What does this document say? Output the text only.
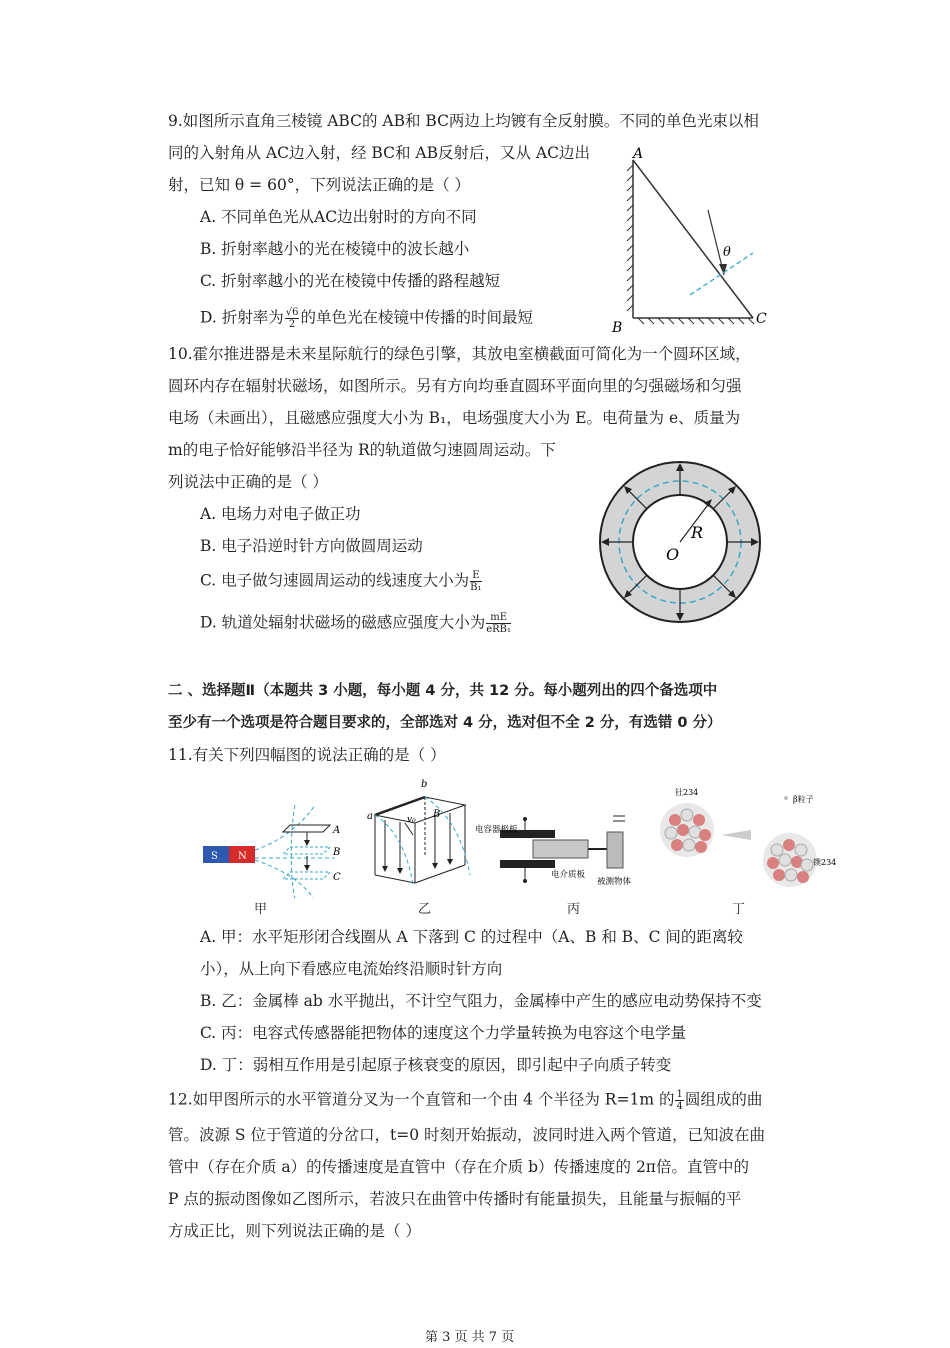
9.如图所示直角三棱镜 ABC的 AB和 BC两边上均镀有全反射膜。不同的单色光束以相
同的入射角从 AC边入射，经 BC和 AB反射后，又从 AC边出
射，已知 θ = 60°，下列说法正确的是（ ）
A. 不同单色光从AC边出射时的方向不同
B. 折射率越小的光在棱镜中的波长越小
C. 折射率越小的光在棱镜中传播的路程越短
D. 折射率为 $\frac{√6}{2}$ 的单色光在棱镜中传播的时间最短
A
B
C
θ
10.霍尔推进器是未来星际航行的绿色引擎，其放电室横截面可简化为一个圆环区域，
圆环内存在辐射状磁场，如图所示。另有方向均垂直圆环平面向里的匀强磁场和匀强
电场（未画出），且磁感应强度大小为 B₁，电场强度大小为 E。电荷量为 e、质量为
m的电子恰好能够沿半径为 R的轨道做匀速圆周运动。下
列说法中正确的是（ ）
A. 电场力对电子做正功
B. 电子沿逆时针方向做圆周运动
C. 电子做匀速圆周运动的线速度大小为 $\frac{E}{\text{B₁}}$
D. 轨道处辐射状磁场的磁感应强度大小为 $\frac{mE}{\text{eRB₁}}$
R
O
二 、选择题Ⅱ（本题共 3 小题，每小题 4 分，共 12 分。每小题列出的四个备选项中
至少有一个选项是符合题目要求的，全部选对 4 分，选对但不全 2 分，有选错 0 分）
11.有关下列四幅图的说法正确的是（ ）
S N
A
B
C
甲
a
b
v₀ B
乙
电容器极板
电介质板
被测物体
丙
钍234
β粒子
镤234
丁
A. 甲：水平矩形闭合线圈从 A 下落到 C 的过程中（A、B 和 B、C 间的距离较
小），从上向下看感应电流始终沿顺时针方向
B. 乙：金属棒 ab 水平抛出，不计空气阻力，金属棒中产生的感应电动势保持不变
C. 丙：电容式传感器能把物体的速度这个力学量转换为电容这个电学量
D. 丁：弱相互作用是引起原子核衰变的原因，即引起中子向质子转变
12.如甲图所示的水平管道分叉为一个直管和一个由 4 个半径为 R=1m 的 $\frac{1}{4}$ 圆组成的曲
管。波源 S 位于管道的分岔口，t=0 时刻开始振动，波同时进入两个管道，已知波在曲
管中（存在介质 a）的传播速度是直管中（存在介质 b）传播速度的 2π倍。直管中的
P 点的振动图像如乙图所示，若波只在曲管中传播时有能量损失，且能量与振幅的平
方成正比，则下列说法正确的是（ ）
第 3 页 共 7 页
